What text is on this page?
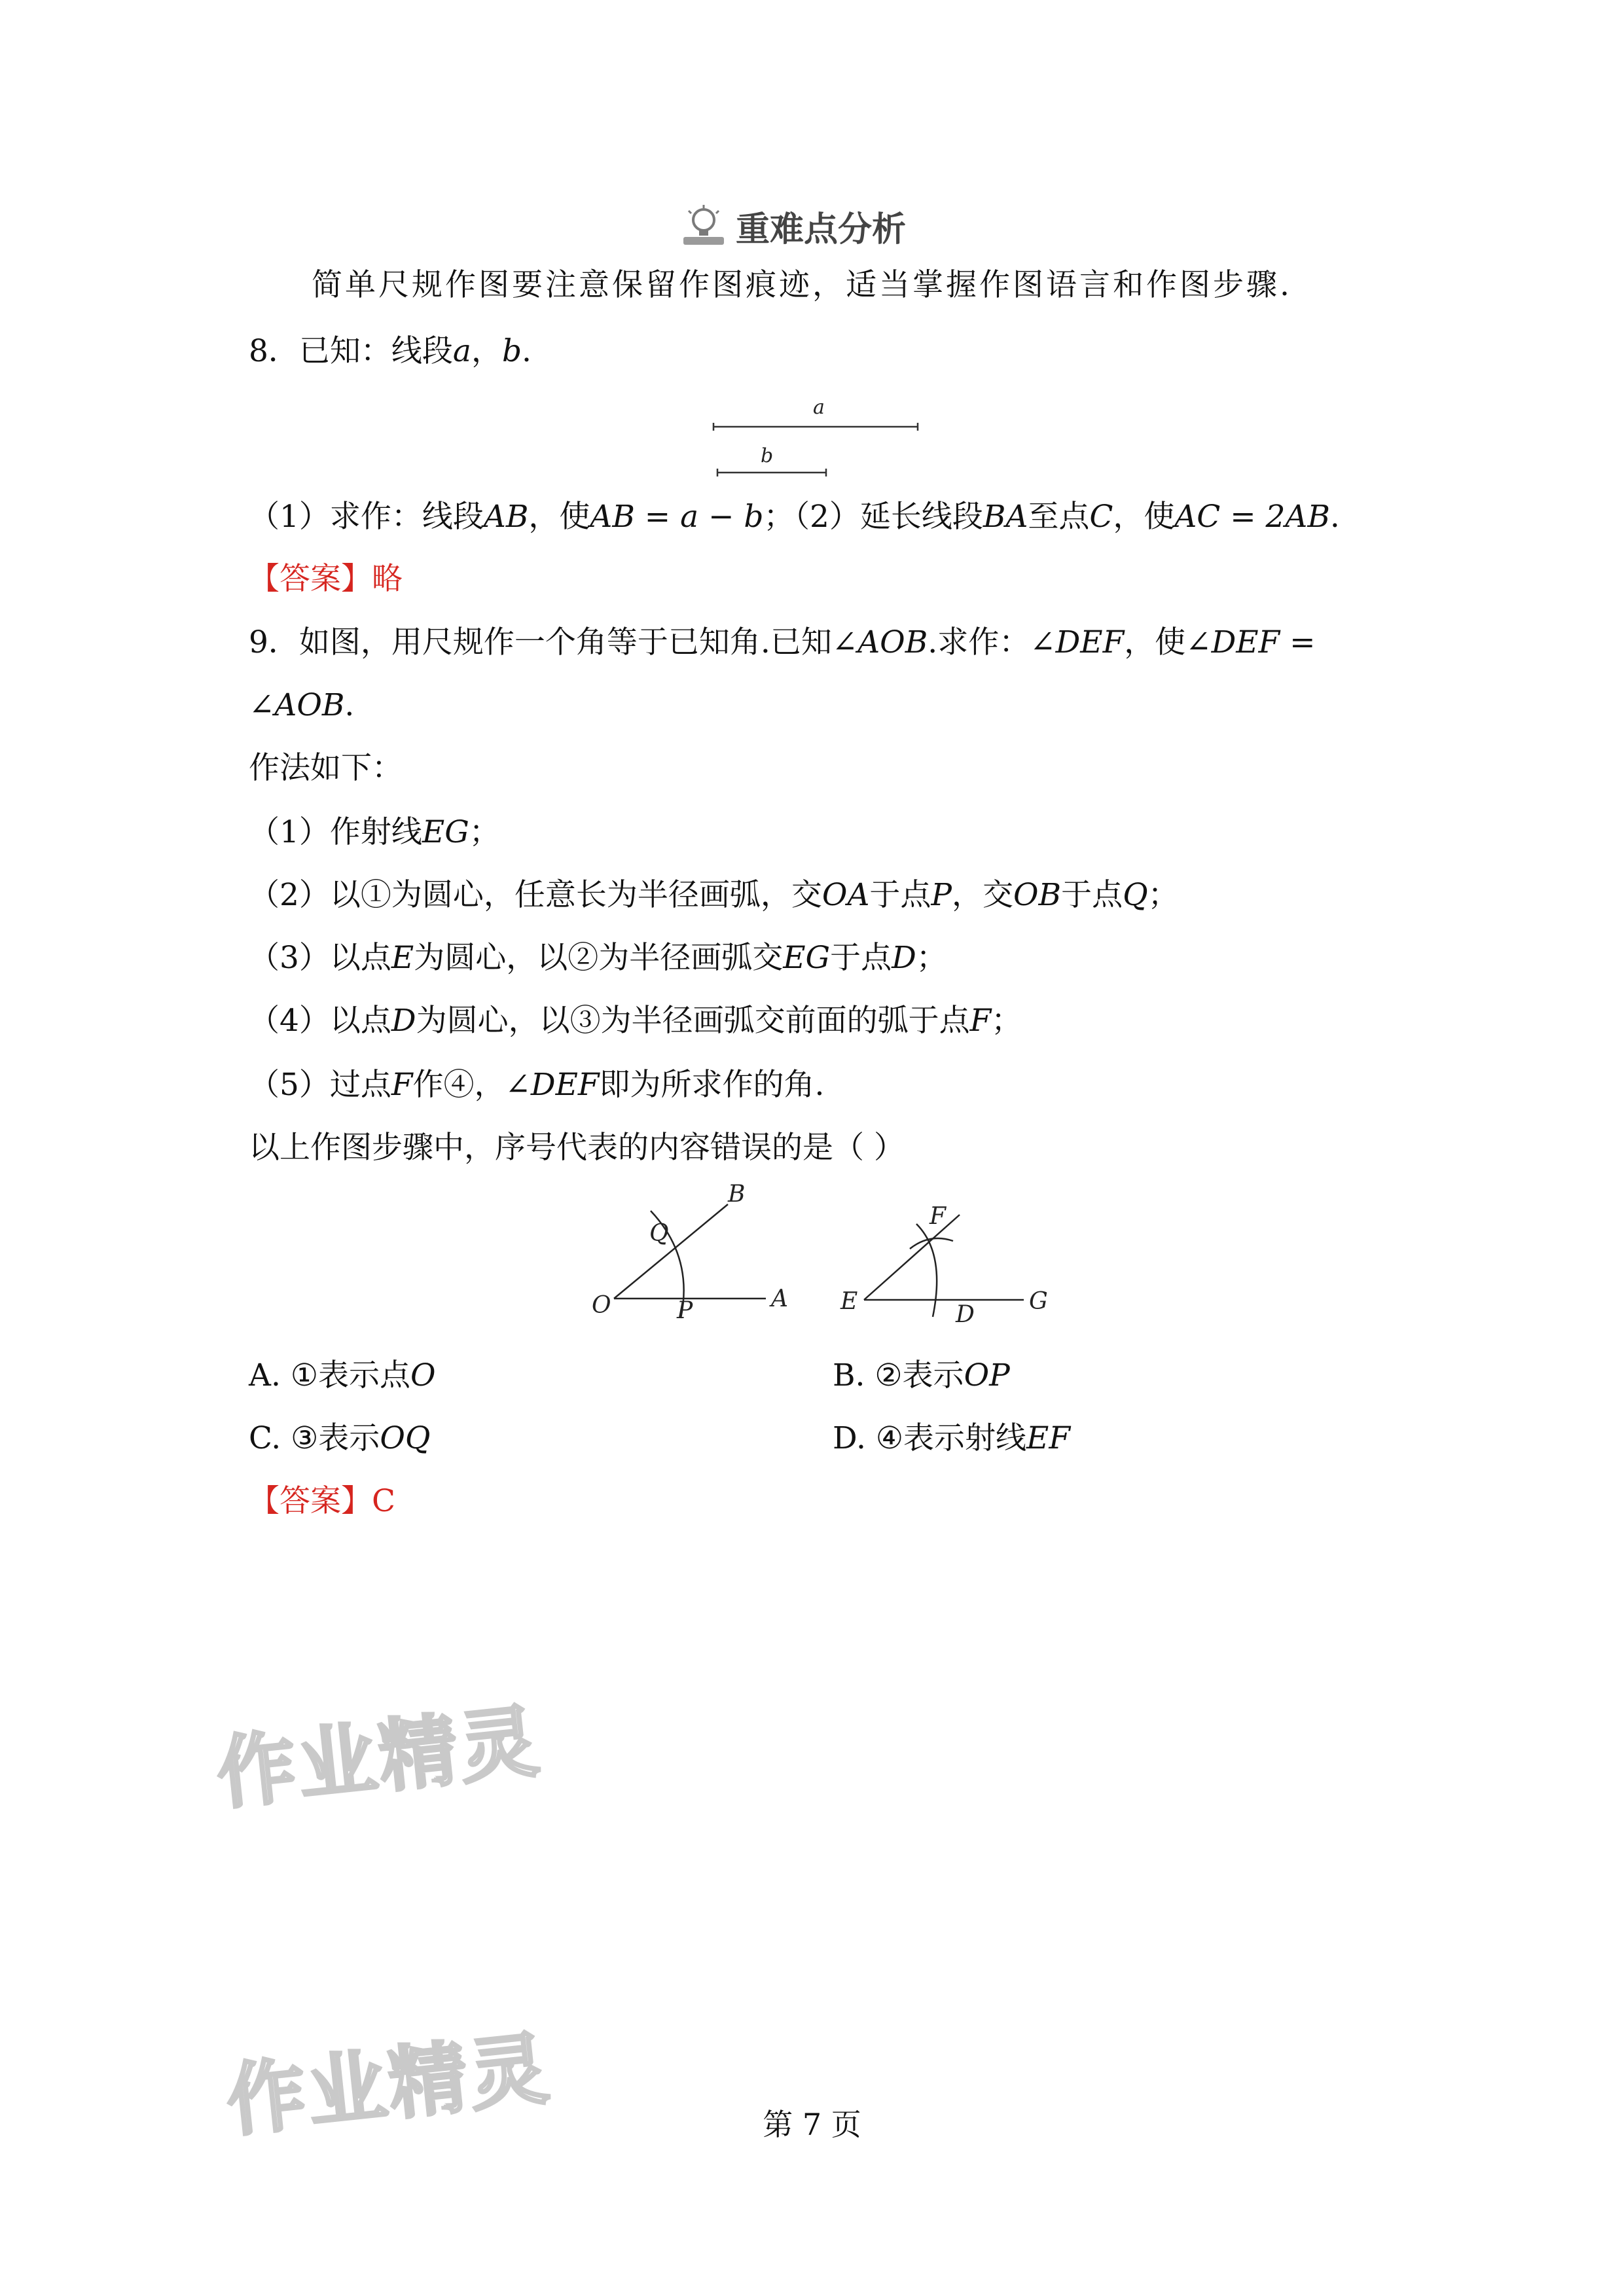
重难点分析
简单尺规作图要注意保留作图痕迹，适当掌握作图语言和作图步骤.
8．已知：线段a，b.
a
b
（1）求作：线段AB，使AB = a − b；（2）延长线段BA至点C，使AC = 2AB.
【答案】略
9．如图，用尺规作一个角等于已知角.已知∠AOB.求作：∠DEF，使∠DEF =
∠AOB.
作法如下：
（1）作射线EG；
（2）以①为圆心，任意长为半径画弧，交OA于点P，交OB于点Q；
（3）以点E为圆心，以②为半径画弧交EG于点D；
（4）以点D为圆心，以③为半径画弧交前面的弧于点F；
（5）过点F作④，∠DEF即为所求作的角.
以上作图步骤中，序号代表的内容错误的是（ ）
B
Q
O	P	A
F
E	D G
A. ①表示点O	B. ②表示OP
C. ③表示OQ	D. ④表示射线EF
【答案】C
作业精灵
作业精灵	第 7 页
